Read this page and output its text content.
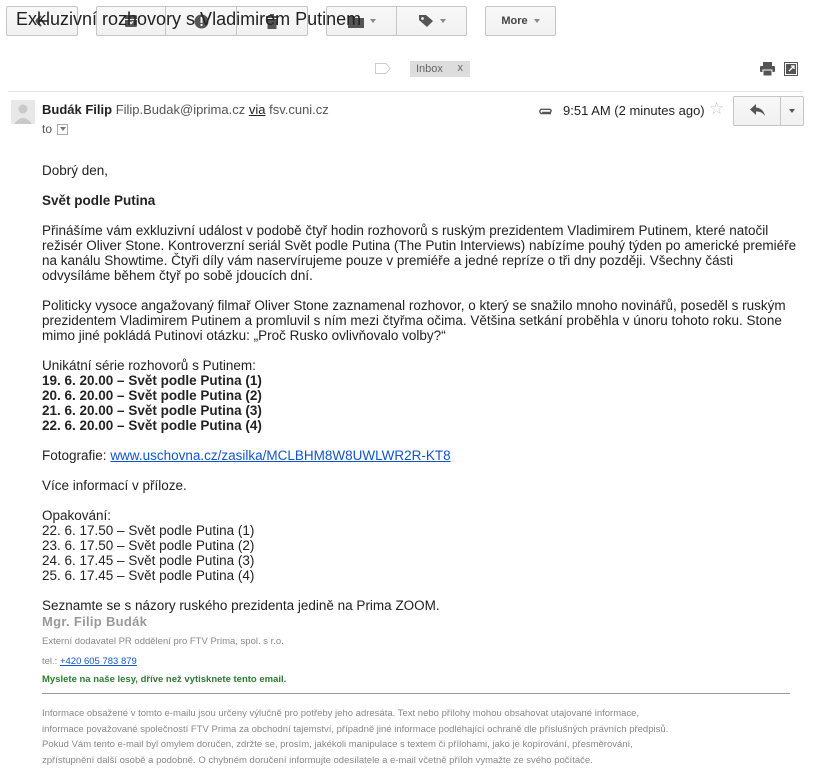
More
Exkluzivní rozhovory s Vladimirem Putinem
Inbox x
Budák Filip Filip.Budak@iprima.cz via fsv.cuni.cz
to
9:51 AM (2 minutes ago) ☆
Dobrý den,
Svět podle Putina
Přinášíme vám exkluzivní událost v podobě čtyř hodin rozhovorů s ruským prezidentem Vladimirem Putinem, které natočil režisér Oliver Stone. Kontroverzní seriál Svět podle Putina (The Putin Interviews) nabízíme pouhý týden po americké premiéře na kanálu Showtime. Čtyři díly vám naservírujeme pouze v premiéře a jedné repríze o tři dny později. Všechny části odvysíláme během čtyř po sobě jdoucích dní.
Politicky vysoce angažovaný filmař Oliver Stone zaznamenal rozhovor, o který se snažilo mnoho novinářů, poseděl s ruským prezidentem Vladimirem Putinem a promluvil s ním mezi čtyřma očima. Většina setkání proběhla v únoru tohoto roku. Stone mimo jiné pokládá Putinovi otázku: „Proč Rusko ovlivňovalo volby?“
Unikátní série rozhovorů s Putinem:
19. 6. 20.00 – Svět podle Putina (1)
20. 6. 20.00 – Svět podle Putina (2)
21. 6. 20.00 – Svět podle Putina (3)
22. 6. 20.00 – Svět podle Putina (4)
Fotografie: www.uschovna.cz/zasilka/MCLBHM8W8UWLWR2R-KT8
Více informací v příloze.
Opakování:
22. 6. 17.50 – Svět podle Putina (1)
23. 6. 17.50 – Svět podle Putina (2)
24. 6. 17.45 – Svět podle Putina (3)
25. 6. 17.45 – Svět podle Putina (4)
Seznamte se s názory ruského prezidenta jedině na Prima ZOOM.
Mgr. Filip Budák
Externí dodavatel PR oddělení pro FTV Prima, spol. s r.o.
tel.: +420 605 783 879
Myslete na naše lesy, dříve než vytisknete tento email.
Informace obsažené v tomto e-mailu jsou určeny výlučně pro potřeby jeho adresáta. Text nebo přílohy mohou obsahovat utajované informace,
informace považované společností FTV Prima za obchodní tajemství, případně jiné informace podléhající ochraně dle příslušných právních předpisů.
Pokud Vám tento e-mail byl omylem doručen, zdržte se, prosím, jakékoli manipulace s textem či přílohami, jako je kopírování, přesměrování,
zpřístupnění další osobě a podobně. O chybném doručení informujte odesílatele a e-mail včetně příloh vymažte ze svého počítače.
